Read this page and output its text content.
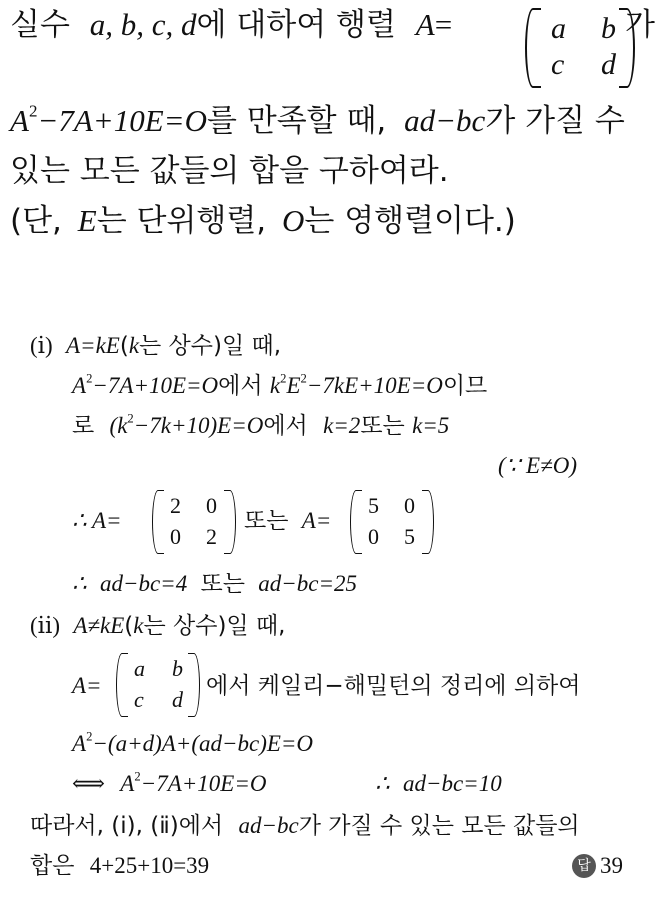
실수 a, b, c, d에 대하여 행렬 A=	a b
c d
가
$A^2-7A+10E=O$를 만족할 때, ad−bc가 가질 수
있는 모든 값들의 합을 구하여라.
(단, E는 단위행렬, O는 영행렬이다.)
(ⅰ) A=kE(k는 상수)일 때,
$A^2-7A+10E=O$에서 $k^2E^2-7kE+10E=O$이므
로 $(k^2-7k+10)E=O$에서 k=2또는 k=5
(∵ E≠O)
∴ A=
2 0
0 2
또는 A=
5 0
0 5
∴ ad−bc=4 또는 ad−bc=25
(ⅱ) A≠kE(k는 상수)일 때,
A=
a b
c d
에서 케일리−해밀턴의 정리에 의하여
$A^2-(a+d)A+(ad-bc)E=O$
⟺ $A^2-7A+10E=O$	∴ ad−bc=10
따라서, (ⅰ), (ⅱ)에서 ad−bc가 가질 수 있는 모든 값들의
합은 4+25+10=39	답 39
